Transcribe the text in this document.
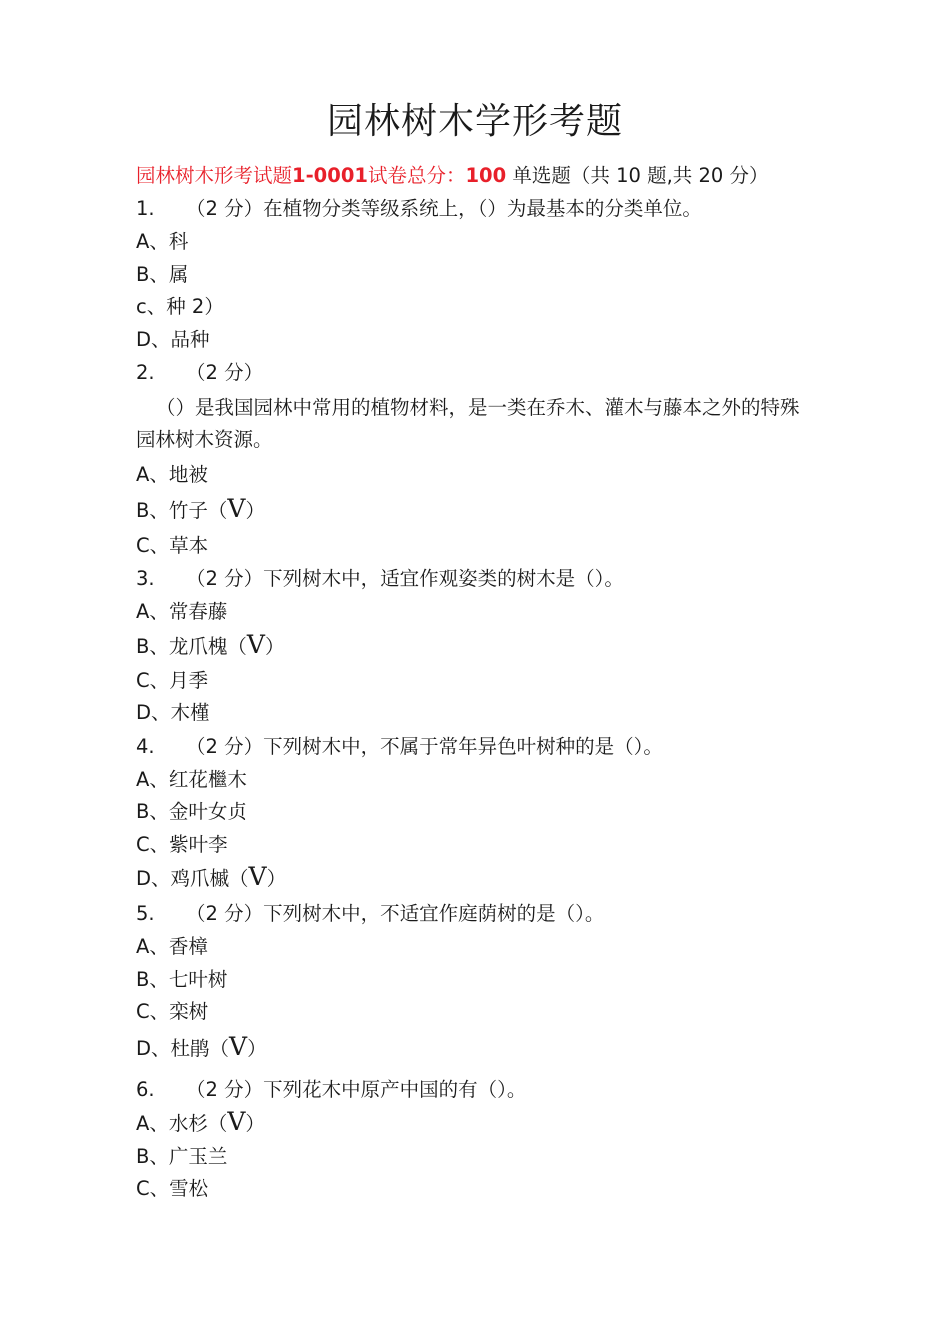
园林树木学形考题
园林树木形考试题1-0001试卷总分：100 单选题（共 10 题,共 20 分）
1. （2 分）在植物分类等级系统上，（）为最基本的分类单位。
A、科
B、属
c、种 2）
D、品种
2. （2 分）
（）是我国园林中常用的植物材料，是一类在乔木、灌木与藤本之外的特殊园林树木资源。
A、地被
B、竹子（V）
C、草本
3. （2 分）下列树木中，适宜作观姿类的树木是（）。
A、常春藤
B、龙爪槐（V）
C、月季
D、木槿
4. （2 分）下列树木中，不属于常年异色叶树种的是（）。
A、红花檵木
B、金叶女贞
C、紫叶李
D、鸡爪槭（V）
5. （2 分）下列树木中，不适宜作庭荫树的是（）。
A、香樟
B、七叶树
C、栾树
D、杜鹃（V）
6. （2 分）下列花木中原产中国的有（）。
A、水杉（V）
B、广玉兰
C、雪松
